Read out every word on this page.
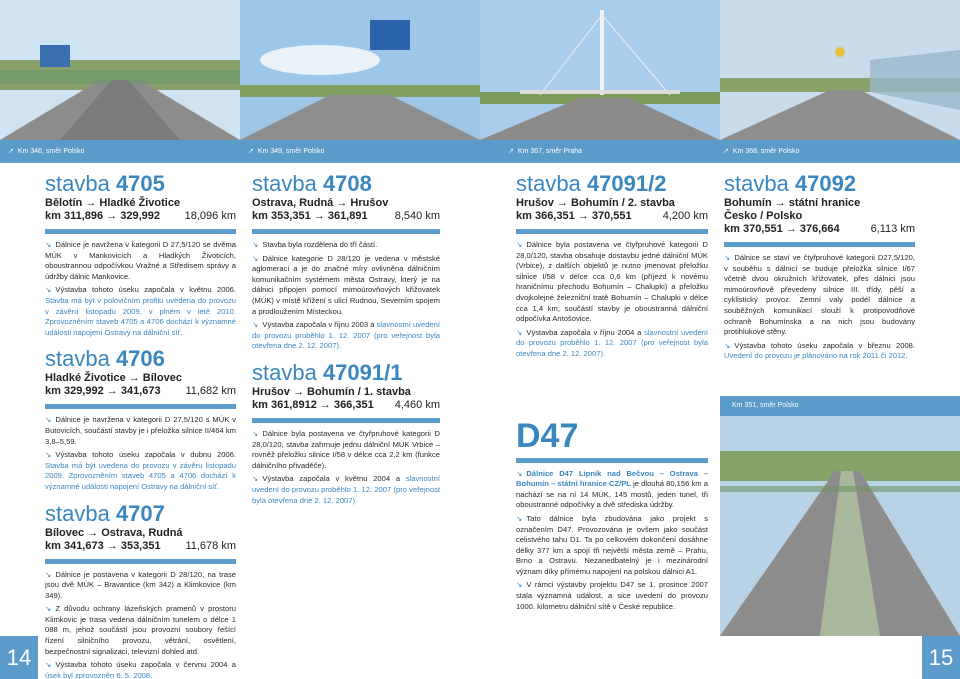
↗ Km 346, směr Polsko	↗ Km 349, směr Polsko	↗ Km 367, směr Praha	↗ Km 368, směr Polsko
stavba 4705
Bělotín → Hladké Životice
km 311,896 → 329,992 18,096 km

↘ Dálnice je navržena v kategorii D 27,5/120 se dvěma MÚK v Mankovicích a Hladkých Životicích, oboustrannou odpočívkou Vražné a Středisem správy a údržby dálnic Mankovice.

↘ Výstavba tohoto úseku započala v květnu 2006. Stavba má být v polovičním profilu uvedena do provozu v závěru listopadu 2009, v plném v létě 2010. Zprovozněním staveb 4705 a 4706 dochází k významné události napojení Ostravy na dálniční síť.

stavba 4706
Hladké Životice → Bílovec
km 329,992 → 341,673 11,682 km

↘ Dálnice je navržena v kategorii D 27,5/120 s MÚK v Butovicích, součástí stavby je i přeložka silnice II/464 km 3,8–5,59.

↘ Výstavba tohoto úseku započala v dubnu 2006. Stavba má být uvedena do provozu v závěru listopadu 2009. Zprovozněním staveb 4705 a 4706 dochází k významné události napojení Ostravy na dálniční síť.

stavba 4707
Bílovec → Ostrava, Rudná
km 341,673 → 353,351 11,678 km

↘ Dálnice je postavena v kategorii D 28/120, na trase jsou dvě MÚK – Bravantice (km 342) a Klimkovice (km 349).

↘ Z důvodu ochrany lázeňských pramenů v prostoru Klimkovic je trasa vedena dálničním tunelem o délce 1 088 m, jehož součástí jsou provozní soubory řešící řízení silničního provozu, větrání, osvětlení, bezpečnostní signalizaci, televizní dohled atd.

↘ Výstavba tohoto úseku započala v červnu 2004 a úsek byl zprovozněn 6. 5. 2008.

stavba 4708
Ostrava, Rudná → Hrušov
km 353,351 → 361,891 8,540 km

↘ Stavba byla rozdělena do tří částí.

↘ Dálnice kategorie D 28/120 je vedena v městské aglomeraci a je do značné míry ovlivněna dálničním komunikačním systémem města Ostravy, který je na dálnici připojen pomocí mimoúrovňových křižovatek (MÚK) v místě křížení s ulicí Rudnou, Severním spojem a prodloužením Místeckou.

↘ Výstavba započala v říjnu 2003 a slavnostní uvedení do provozu proběhlo 1. 12. 2007 (pro veřejnost byla otevřena dne 2. 12. 2007).

stavba 47091/1
Hrušov → Bohumín / 1. stavba
km 361,8912 → 366,351 4,460 km

↘ Dálnice byla postavena ve čtyřpruhové kategorii D 28,0/120, stavba zahrnuje jednu dálniční MÚK Vrbice – rovněž přeložku silnice I/58 v délce cca 2,2 km (funkce dálničního přivaděče).

↘ Výstavba započala v květnu 2004 a slavnostní uvedení do provozu proběhlo 1. 12. 2007 (pro veřejnost byla otevřena dne 2. 12. 2007).

stavba 47091/2
Hrušov → Bohumín / 2. stavba
km 366,351 → 370,551	4,200 km

↘ Dálnice byla postavena ve čtyřpruhové kategorii D 28,0/120, stavba obsahuje dostavbu jedné dálniční MÚK (Vrbice), z dalších objektů je nutno jmenovat přeložku silnice I/58 v délce cca 0,6 km (příjezd k novému hraničnímu přechodu Bohumín – Chalupki) a přeložku dvojkolejné železniční tratě Bohumín – Chalupki v délce cca 1,4 km; součástí stavby je oboustranná dálniční odpočívka Antošovice.

↘ Výstavba započala v říjnu 2004 a slavnostní uvedení do provozu proběhlo 1. 12. 2007 (pro veřejnost byla otevřena dne 2. 12. 2007).

D47

↘ Dálnice D47 Lipník nad Bečvou – Ostrava – Bohumín – státní hranice CZ/PL je dlouhá 80,156 km a nachází se na ní 14 MÚK, 145 mostů, jeden tunel, tři oboustranné odpočívky a dvě střediska údržby.

↘ Tato dálnice byla zbudována jako projekt s označením D47. Provozována je ovšem jako součást celistvého tahu D1. Ta po celkovém dokončení dosáhne délky 377 km a spojí tři největší města země – Prahu, Brno a Ostravu. Nezanedbatelný je i mezinárodní význam díky přímému napojení na polskou dálnici A1.

↘ V rámci výstavby projektu D47 se 1. prosince 2007 stala významná událost, a sice uvedení do provozu 1000. kilometru dálniční sítě v České republice.

stavba 47092
Bohumín → státní hranice Česko / Polsko
km 370,551 → 376,664	6,113 km

↘ Dálnice se staví ve čtyřpruhové kategorii D27,5/120, v souběhu s dálnicí se buduje přeložka silnice I/67 včetně dvou okružních křižovatek, přes dálnici jsou mimoúrovňově převedeny silnice III. třídy, pěší a cyklistický provoz. Zemní valy podél dálnice a souběžných komunikací slouží k protipovodňové ochraně Bohumínska a na nich jsou budovány protihlukové stěny.

↘ Výstavba tohoto úseku započala v březnu 2008. Uvedení do provozu je plánováno na rok 2011 či 2012.

Km 351, směr Polsko
14	15
